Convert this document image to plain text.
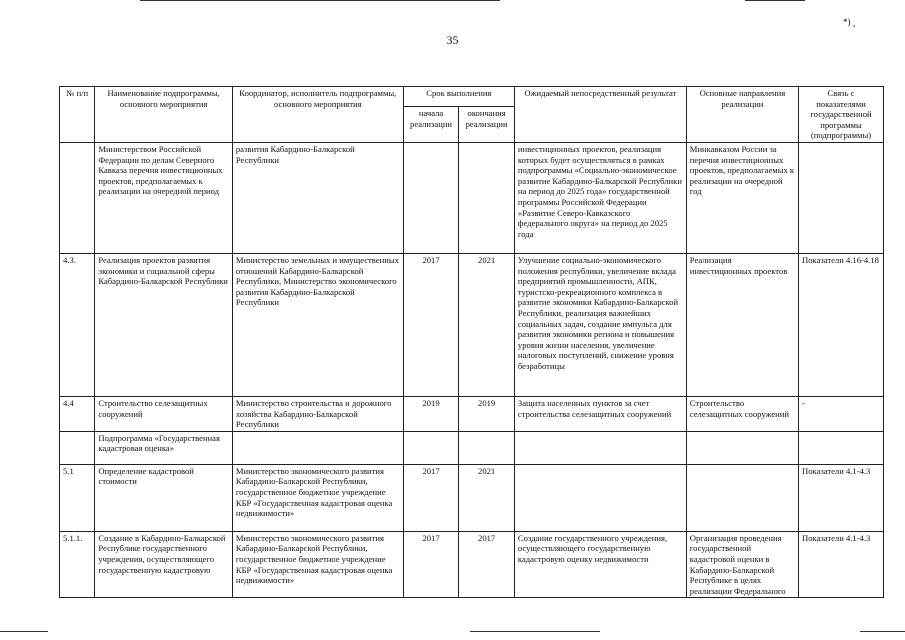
*) ¸
35
№ п/п	Наименование подпрограммы, основного мероприятия	Координатор, исполнитель подпрограммы, основного мероприятия	Срок выполнения		Ожидаемый непосредственный результат	Основные направления реализации	Связь с показателями государственной программы (подпрограммы)
			начала реализации	окончания реализации			
	Министерством Российской Федерации по делам Северного Кавказа перечня инвестиционных проектов, предполагаемых к реализации на очередной период	развития Кабардино-Балкарской Республики			инвестиционных проектов, реализация которых будет осуществляться в рамках подпрограммы «Социально-экономическое развитие Кабардино-Балкарской Республики на период до 2025 года» государственной программы Российской Федерации «Развитие Северо-Кавказского федерального округа» на период до 2025 года	Минкавказом России за перечня инвестиционных проектов, предполагаемых к реализации на очередной год	
4.3.	Реализация проектов развития экономики и социальной сферы Кабардино-Балкарской Республики	Министерство земельных и имущественных отношений Кабардино-Балкарской Республики, Министерство экономического развития Кабардино-Балкарской Республики	2017	2021	Улучшение социально-экономического положения республики, увеличение вклада предприятий промышленности, АПК, туристско-рекреационного комплекса в развитие экономики Кабардино-Балкарской Республики, реализация важнейших социальных задач, создание импульса для развития экономики региона и повышения уровня жизни населения, увеличение налоговых поступлений, снижение уровня безработицы	Реализация инвестиционных проектов	Показатели 4.16-4.18
4.4	Строительство селезащитных сооружений	Министерство строительства и дорожного хозяйства Кабардино-Балкарской Республики	2019	2019	Защита населенных пунктов за счет строительства селезащитных сооружений	Строительство селезащитных сооружений	-
	Подпрограмма «Государственная кадастровая оценка»						
5.1	Определение кадастровой стоимости	Министерство экономического развития Кабардино-Балкарской Республики, государственное бюджетное учреждение КБР «Государственная кадастровая оценка недвижимости»	2017	2021			Показатели 4.1-4.3
5.1.1.	Создание в Кабардино-Балкарской Республике государственного учреждения, осуществляющего государственную кадастровую	Министерство экономического развития Кабардино-Балкарской Республики, государственное бюджетное учреждение КБР «Государственная кадастровая оценка недвижимости»	2017	2017	Создание государственного учреждения, осуществляющего государственную кадастровую оценку недвижимости	Организация проведения государственной кадастровой оценки в Кабардино-Балкарской Республике в целях реализации Федерального	Показатели 4.1-4.3
